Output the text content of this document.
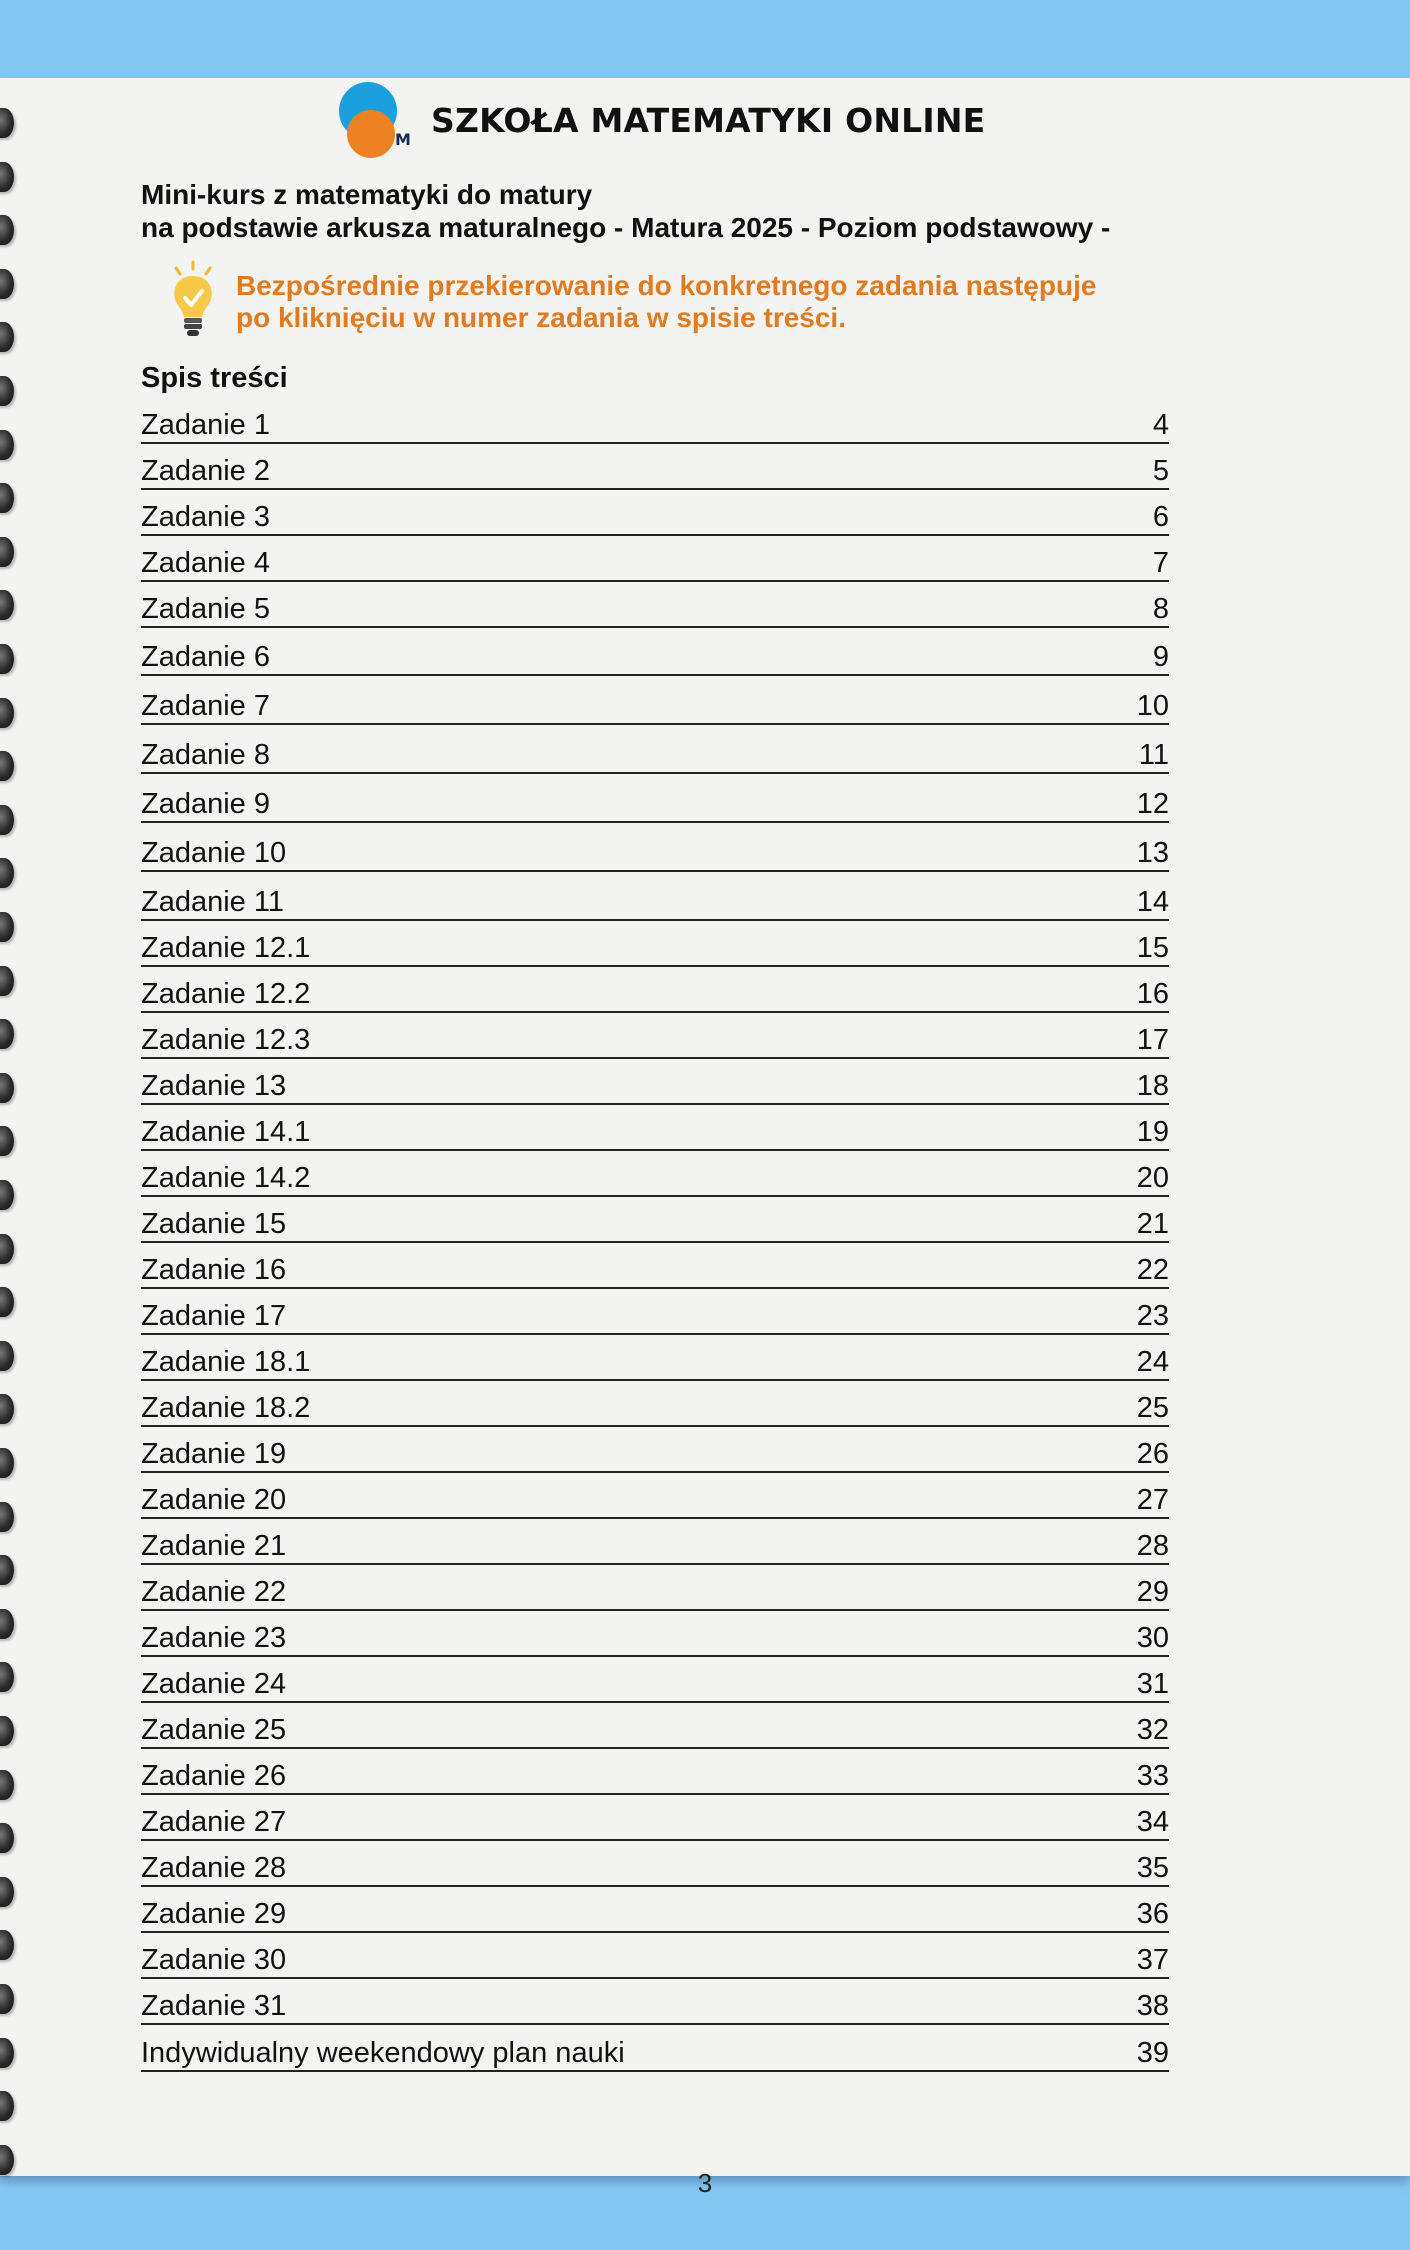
M SZKOŁA MATEMATYKI ONLINE
Mini-kurs z matematyki do matury
na podstawie arkusza maturalnego - Matura 2025 - Poziom podstawowy -
Bezpośrednie przekierowanie do konkretnego zadania następuje
po kliknięciu w numer zadania w spisie treści.
Spis treści
Zadanie 1	4
Zadanie 2	5
Zadanie 3	6
Zadanie 4	7
Zadanie 5	8
Zadanie 6	9
Zadanie 7	10
Zadanie 8	11
Zadanie 9	12
Zadanie 10	13
Zadanie 11	14
Zadanie 12.1	15
Zadanie 12.2	16
Zadanie 12.3	17
Zadanie 13	18
Zadanie 14.1	19
Zadanie 14.2	20
Zadanie 15	21
Zadanie 16	22
Zadanie 17	23
Zadanie 18.1	24
Zadanie 18.2	25
Zadanie 19	26
Zadanie 20	27
Zadanie 21	28
Zadanie 22	29
Zadanie 23	30
Zadanie 24	31
Zadanie 25	32
Zadanie 26	33
Zadanie 27	34
Zadanie 28	35
Zadanie 29	36
Zadanie 30	37
Zadanie 31	38
Indywidualny weekendowy plan nauki	39
3
